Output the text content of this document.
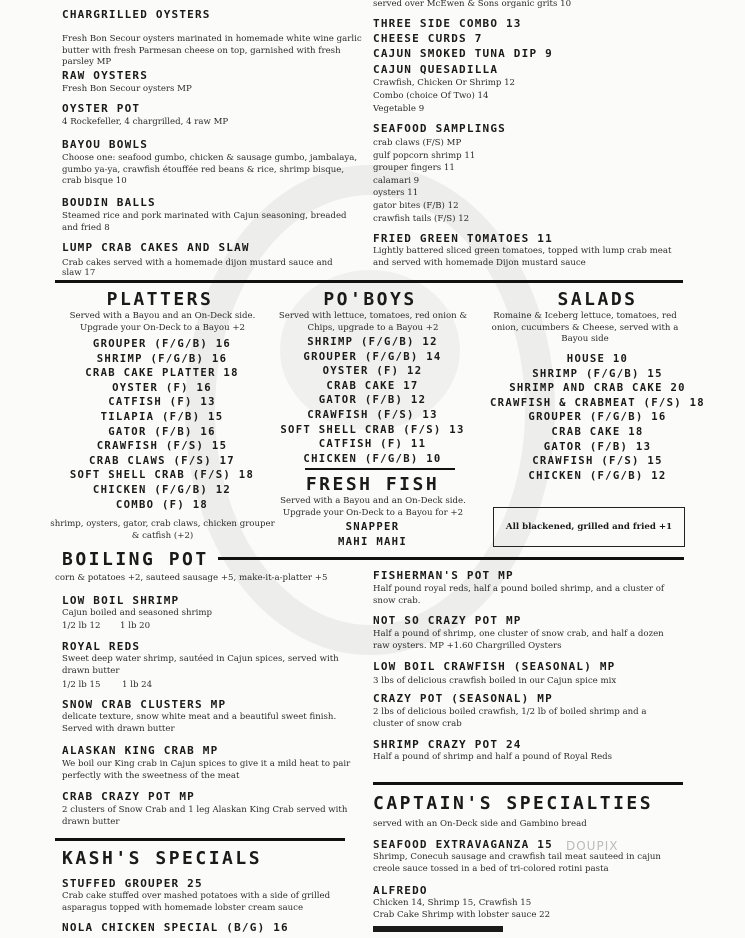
CHARGRILLED OYSTERS
Fresh Bon Secour oysters marinated in homemade white wine garlic butter with fresh Parmesan cheese on top, garnished with fresh parsley MP
RAW OYSTERS
Fresh Bon Secour oysters MP
OYSTER POT
4 Rockefeller, 4 chargrilled, 4 raw MP
BAYOU BOWLS
Choose one: seafood gumbo, chicken & sausage gumbo, jambalaya, gumbo ya-ya, crawfish étouffée red beans & rice, shrimp bisque, crab bisque 10
BOUDIN BALLS
Steamed rice and pork marinated with Cajun seasoning, breaded and fried 8
LUMP CRAB CAKES AND SLAW
Crab cakes served with a homemade dijon mustard sauce and slaw 17
served over McEwen & Sons organic grits 10
THREE SIDE COMBO 13
CHEESE CURDS 7
CAJUN SMOKED TUNA DIP 9
CAJUN QUESADILLA
Crawfish, Chicken Or Shrimp 12
Combo (choice Of Two) 14
Vegetable 9
SEAFOOD SAMPLINGS
crab claws (F/S) MP
gulf popcorn shrimp 11
grouper fingers 11
calamari 9
oysters 11
gator bites (F/B) 12
crawfish tails (F/S) 12
FRIED GREEN TOMATOES 11
Lightly battered sliced green tomatoes, topped with lump crab meat and served with homemade Dijon mustard sauce
PLATTERS
Served with a Bayou and an On-Deck side. Upgrade your On-Deck to a Bayou +2
GROUPER (F/G/B) 16
SHRIMP (F/G/B) 16
CRAB CAKE PLATTER 18
OYSTER (F) 16
CATFISH (F) 13
TILAPIA (F/B) 15
GATOR (F/B) 16
CRAWFISH (F/S) 15
CRAB CLAWS (F/S) 17
SOFT SHELL CRAB (F/S) 18
CHICKEN (F/G/B) 12
COMBO (F) 18
shrimp, oysters, gator, crab claws, chicken grouper & catfish (+2)
PO'BOYS
Served with lettuce, tomatoes, red onion & Chips, upgrade to a Bayou +2
SHRIMP (F/G/B) 12
GROUPER (F/G/B) 14
OYSTER (F) 12
CRAB CAKE 17
GATOR (F/B) 12
CRAWFISH (F/S) 13
SOFT SHELL CRAB (F/S) 13
CATFISH (F) 11
CHICKEN (F/G/B) 10
FRESH FISH
Served with a Bayou and an On-Deck side. Upgrade your On-Deck to a Bayou for +2
SNAPPER
MAHI MAHI
SALADS
Romaine & Iceberg lettuce, tomatoes, red onion, cucumbers & Cheese, served with a Bayou side
HOUSE 10
SHRIMP (F/G/B) 15
SHRIMP AND CRAB CAKE 20
CRAWFISH & CRABMEAT (F/S) 18
GROUPER (F/G/B) 16
CRAB CAKE 18
GATOR (F/B) 13
CRAWFISH (F/S) 15
CHICKEN (F/G/B) 12
All blackened, grilled and fried +1
BOILING POT
corn & potatoes +2, sauteed sausage +5, make-it-a-platter +5
LOW BOIL SHRIMP
Cajun boiled and seasoned shrimp
1/2 lb 12 1 lb 20
ROYAL REDS
Sweet deep water shrimp, sautéed in Cajun spices, served with drawn butter
1/2 lb 15	1 lb 24
SNOW CRAB CLUSTERS MP
delicate texture, snow white meat and a beautiful sweet finish. Served with drawn butter
ALASKAN KING CRAB MP
We boil our King crab in Cajun spices to give it a mild heat to pair perfectly with the sweetness of the meat
CRAB CRAZY POT MP
2 clusters of Snow Crab and 1 leg Alaskan King Crab served with drawn butter
FISHERMAN'S POT MP
Half pound royal reds, half a pound boiled shrimp, and a cluster of snow crab.
NOT SO CRAZY POT MP
Half a pound of shrimp, one cluster of snow crab, and half a dozen raw oysters. MP +1.60 Chargrilled Oysters
LOW BOIL CRAWFISH (SEASONAL) MP
3 lbs of delicious crawfish boiled in our Cajun spice mix
CRAZY POT (SEASONAL) MP
2 lbs of delicious boiled crawfish, 1/2 lb of boiled shrimp and a cluster of snow crab
SHRIMP CRAZY POT 24
Half a pound of shrimp and half a pound of Royal Reds
CAPTAIN'S SPECIALTIES
served with an On-Deck side and Gambino bread
SEAFOOD EXTRAVAGANZA 15
Shrimp, Conecuh sausage and crawfish tail meat sauteed in cajun creole sauce tossed in a bed of tri-colored rotini pasta
ALFREDO
Chicken 14, Shrimp 15, Crawfish 15
Crab Cake Shrimp with lobster sauce 22
KASH'S SPECIALS
STUFFED GROUPER 25
Crab cake stuffed over mashed potatoes with a side of grilled asparagus topped with homemade lobster cream sauce
NOLA CHICKEN SPECIAL (B/G) 16
DOUPIX
